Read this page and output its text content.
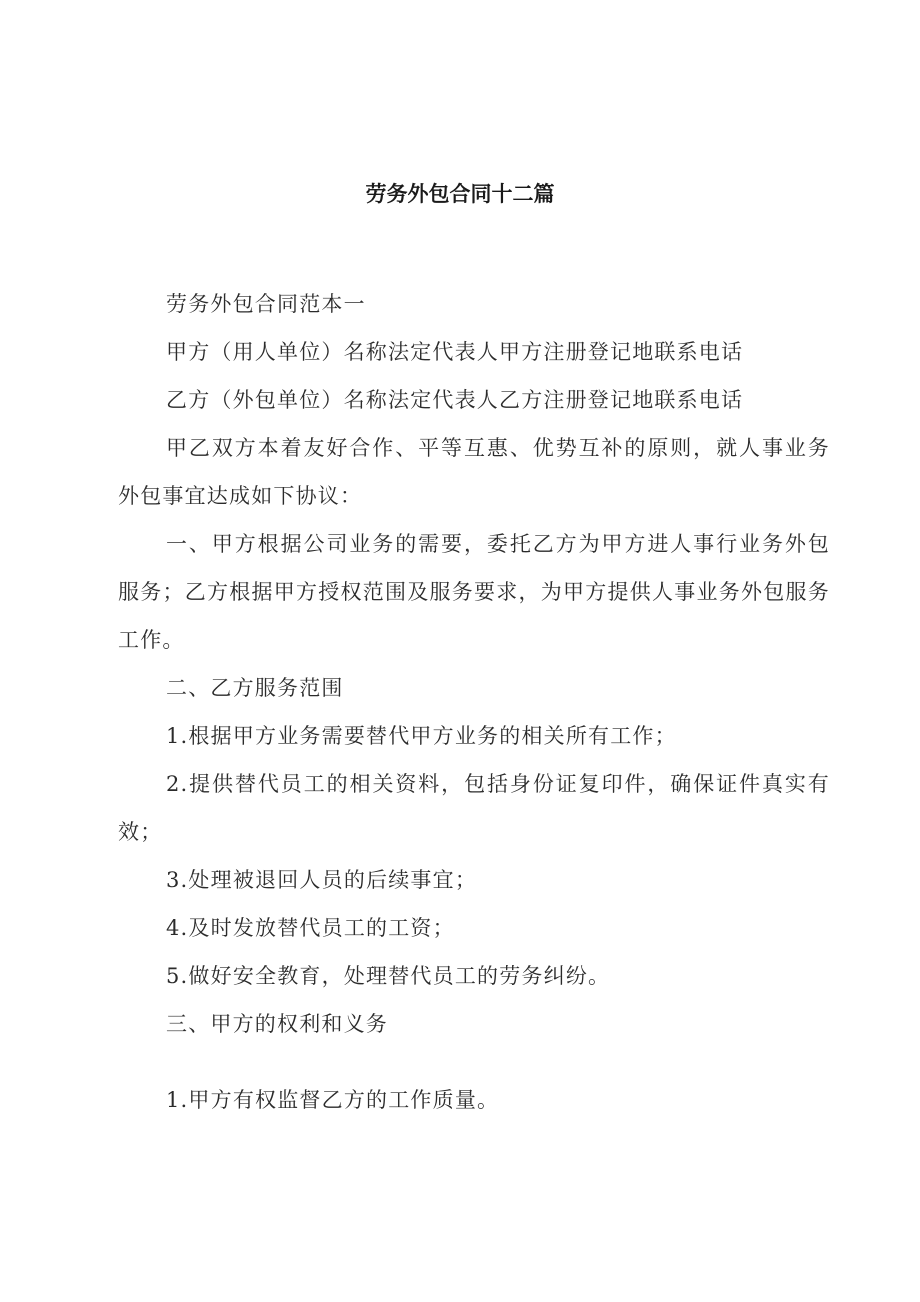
劳务外包合同十二篇

劳务外包合同范本一

甲方（用人单位）名称法定代表人甲方注册登记地联系电话

乙方（外包单位）名称法定代表人乙方注册登记地联系电话

甲乙双方本着友好合作、平等互惠、优势互补的原则，就人事业务外包事宜达成如下协议：

一、甲方根据公司业务的需要，委托乙方为甲方进人事行业务外包服务；乙方根据甲方授权范围及服务要求，为甲方提供人事业务外包服务工作。

二、乙方服务范围

1.根据甲方业务需要替代甲方业务的相关所有工作；

2.提供替代员工的相关资料，包括身份证复印件，确保证件真实有效；

3.处理被退回人员的后续事宜；

4.及时发放替代员工的工资；

5.做好安全教育，处理替代员工的劳务纠纷。

三、甲方的权利和义务

1.甲方有权监督乙方的工作质量。
